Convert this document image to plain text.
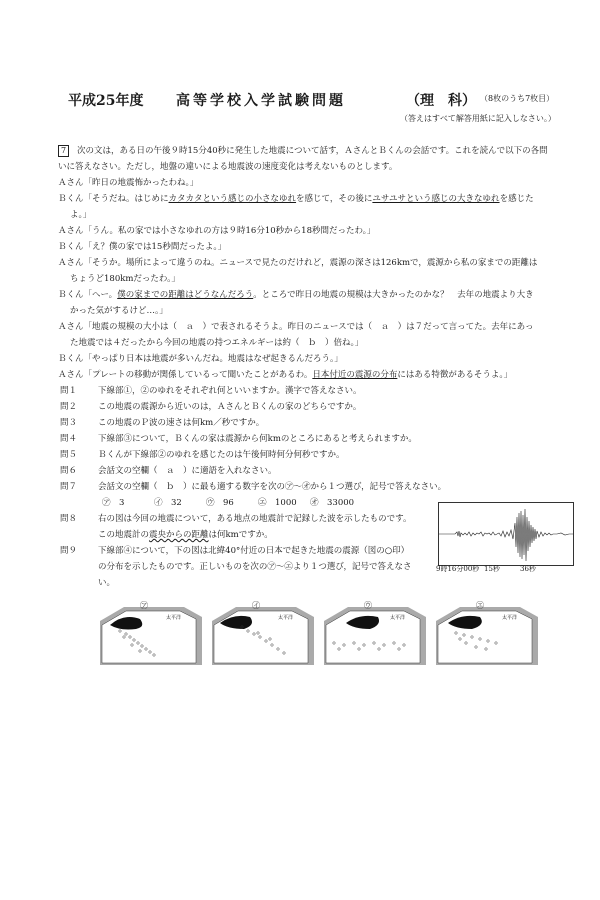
平成25年度 高等学校入学試験問題	（理　科） （8枚のうち7枚目）
（答えはすべて解答用紙に記入しなさい。）

7 次の文は，ある日の午後９時15分40秒に発生した地震について話す，ＡさんとＢくんの会話です。これを読んで以下の各問

いに答えなさい。ただし，地盤の違いによる地震波の速度変化は考えないものとします。

Ａさん「昨日の地震怖かったわね。」

Ｂくん「そうだね。はじめにカタカタという感じの小さなゆれを感じて，その後にユサユサという感じの大きなゆれを感じた

よ。」

Ａさん「うん。私の家では小さなゆれの方は９時16分10秒から18秒間だったわ。」

Ｂくん「え？僕の家では15秒間だったよ。」

Ａさん「そうか。場所によって違うのね。ニュースで見たのだけれど，震源の深さは126kmで，震源から私の家までの距離は

ちょうど180kmだったわ。」

Ｂくん「へー。僕の家までの距離はどうなんだろう。ところで昨日の地震の規模は大きかったのかな？　去年の地震より大き

かった気がするけど…。」

Ａさん「地震の規模の大小は（　ａ　）で表されるそうよ。昨日のニュースでは（　ａ　）は７だって言ってた。去年にあっ

た地震では４だったから今回の地震の持つエネルギーは約（　ｂ　）倍ね。」

Ｂくん「やっぱり日本は地震が多いんだね。地震はなぜ起きるんだろう。」

Ａさん「プレートの移動が関係しているって聞いたことがあるわ。日本付近の震源の分布にはある特徴があるそうよ。」

問１	下線部①，②のゆれをそれぞれ何といいますか。漢字で答えなさい。
問２	この地震の震源から近いのは，ＡさんとＢくんの家のどちらですか。
問３	この地震のＰ波の速さは何km／秒ですか。
問４	下線部③について，Ｂくんの家は震源から何kmのところにあると考えられますか。
問５	Ｂくんが下線部②のゆれを感じたのは午後何時何分何秒ですか。
問６	会話文の空欄（　ａ　）に適語を入れなさい。
問７	会話文の空欄（　ｂ　）に最も適する数字を次の㋐～㋔から１つ選び，記号で答えなさい。
㋐　3	㋑　32	㋒　96	㋓　1000	㋔　33000
問８	右の図は今回の地震について，ある地点の地震計で記録した波を示したものです。

この地震計の震央からの距離は何kmですか。

問９	下線部④について，下の図は北緯40°付近の日本で起きた地震の震源（図の○印）

の分布を示したものです。正しいものを次の㋐～㋓より１つ選び，記号で答えなさ

い。

9時16分00秒 15秒	36秒
太平洋
㋐
太平洋
㋑
太平洋
㋒
太平洋
㋓
